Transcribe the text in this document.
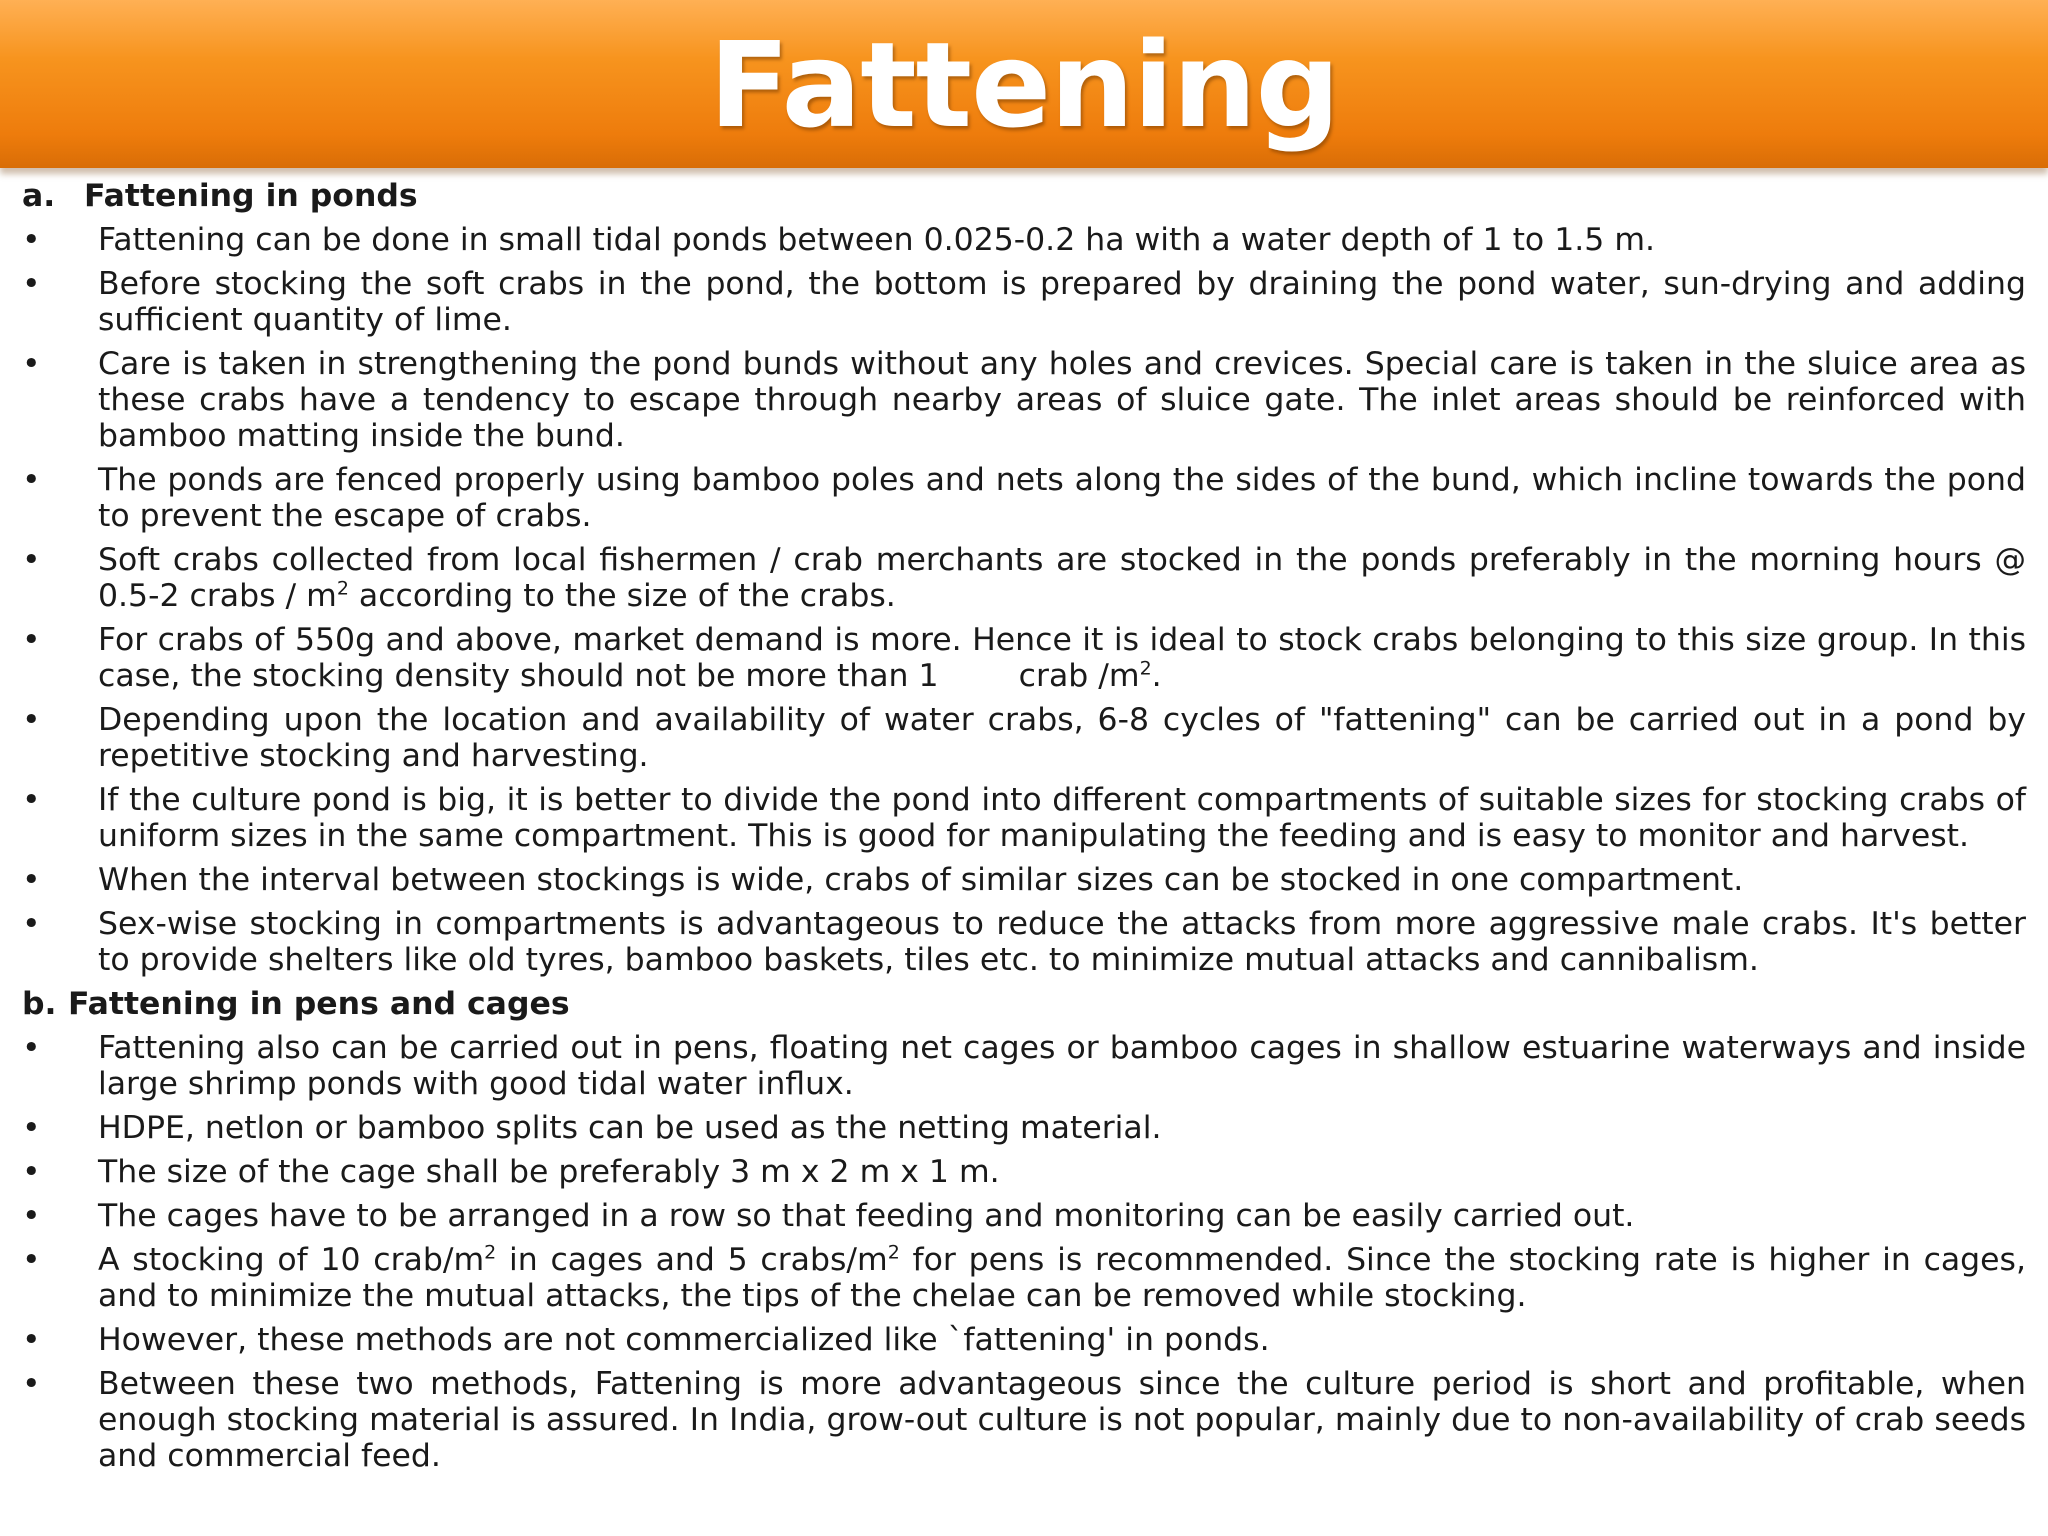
Fattening
a. Fattening in ponds
•	Fattening can be done in small tidal ponds between 0.025-0.2 ha with a water depth of 1 to 1.5 m.
•	Before stocking the soft crabs in the pond, the bottom is prepared by draining the pond water, sun-drying and adding sufficient quantity of lime.
•	Care is taken in strengthening the pond bunds without any holes and crevices. Special care is taken in the sluice area as these crabs have a tendency to escape through nearby areas of sluice gate. The inlet areas should be reinforced with bamboo matting inside the bund.
•	The ponds are fenced properly using bamboo poles and nets along the sides of the bund, which incline towards the pond to prevent the escape of crabs.
•	Soft crabs collected from local fishermen / crab merchants are stocked in the ponds preferably in the morning hours @ 0.5-2 crabs / $m^2$ according to the size of the crabs.
•	For crabs of 550g and above, market demand is more. Hence it is ideal to stock crabs belonging to this size group. In this case, the stocking density should not be more than 1        crab $/m^2$.
•	Depending upon the location and availability of water crabs, 6-8 cycles of "fattening" can be carried out in a pond by repetitive stocking and harvesting.
•	If the culture pond is big, it is better to divide the pond into different compartments of suitable sizes for stocking crabs of uniform sizes in the same compartment. This is good for manipulating the feeding and is easy to monitor and harvest.
•	When the interval between stockings is wide, crabs of similar sizes can be stocked in one compartment.
•	Sex-wise stocking in compartments is advantageous to reduce the attacks from more aggressive male crabs. It's better to provide shelters like old tyres, bamboo baskets, tiles etc. to minimize mutual attacks and cannibalism.
b. Fattening in pens and cages
•	Fattening also can be carried out in pens, floating net cages or bamboo cages in shallow estuarine waterways and inside large shrimp ponds with good tidal water influx.
•	HDPE, netlon or bamboo splits can be used as the netting material.
•	The size of the cage shall be preferably 3 m x 2 m x 1 m.
•	The cages have to be arranged in a row so that feeding and monitoring can be easily carried out.
•	A stocking of 10 crab/$m^2$ in cages and 5 crabs/$m^2$ for pens is recommended. Since the stocking rate is higher in cages, and to minimize the mutual attacks, the tips of the chelae can be removed while stocking.
•	However, these methods are not commercialized like `fattening' in ponds.
•	Between these two methods, Fattening is more advantageous since the culture period is short and profitable, when enough stocking material is assured. In India, grow-out culture is not popular, mainly due to non-availability of crab seeds and commercial feed.
